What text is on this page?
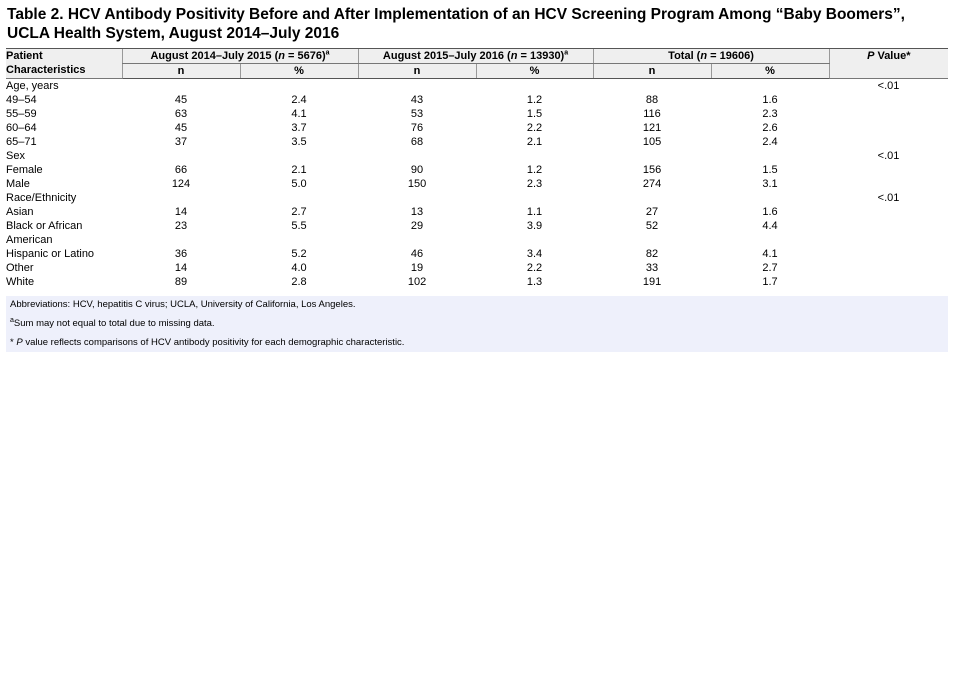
Table 2. HCV Antibody Positivity Before and After Implementation of an HCV Screening Program Among “Baby Boomers”, UCLA Health System, August 2014–July 2016
Patient Characteristics	August 2014–July 2015 (n = 5676)$^a$		August 2015–July 2016 (n = 13930)$^a$		Total (n = 19606)		P Value*
	n	%	n	%	n	%	
Age, years							<.01
49–54	45	2.4	43	1.2	88	1.6	
55–59	63	4.1	53	1.5	116	2.3	
60–64	45	3.7	76	2.2	121	2.6	
65–71	37	3.5	68	2.1	105	2.4	
Sex							<.01
Female	66	2.1	90	1.2	156	1.5	
Male	124	5.0	150	2.3	274	3.1	
Race/Ethnicity							<.01
Asian	14	2.7	13	1.1	27	1.6	
Black or African	23	5.5	29	3.9	52	4.4	
American							
Hispanic or Latino	36	5.2	46	3.4	82	4.1	
Other	14	4.0	19	2.2	33	2.7	
White	89	2.8	102	1.3	191	1.7	

Abbreviations: HCV, hepatitis C virus; UCLA, University of California, Los Angeles.

$^a$Sum may not equal to total due to missing data.

* P value reflects comparisons of HCV antibody positivity for each demographic characteristic.
